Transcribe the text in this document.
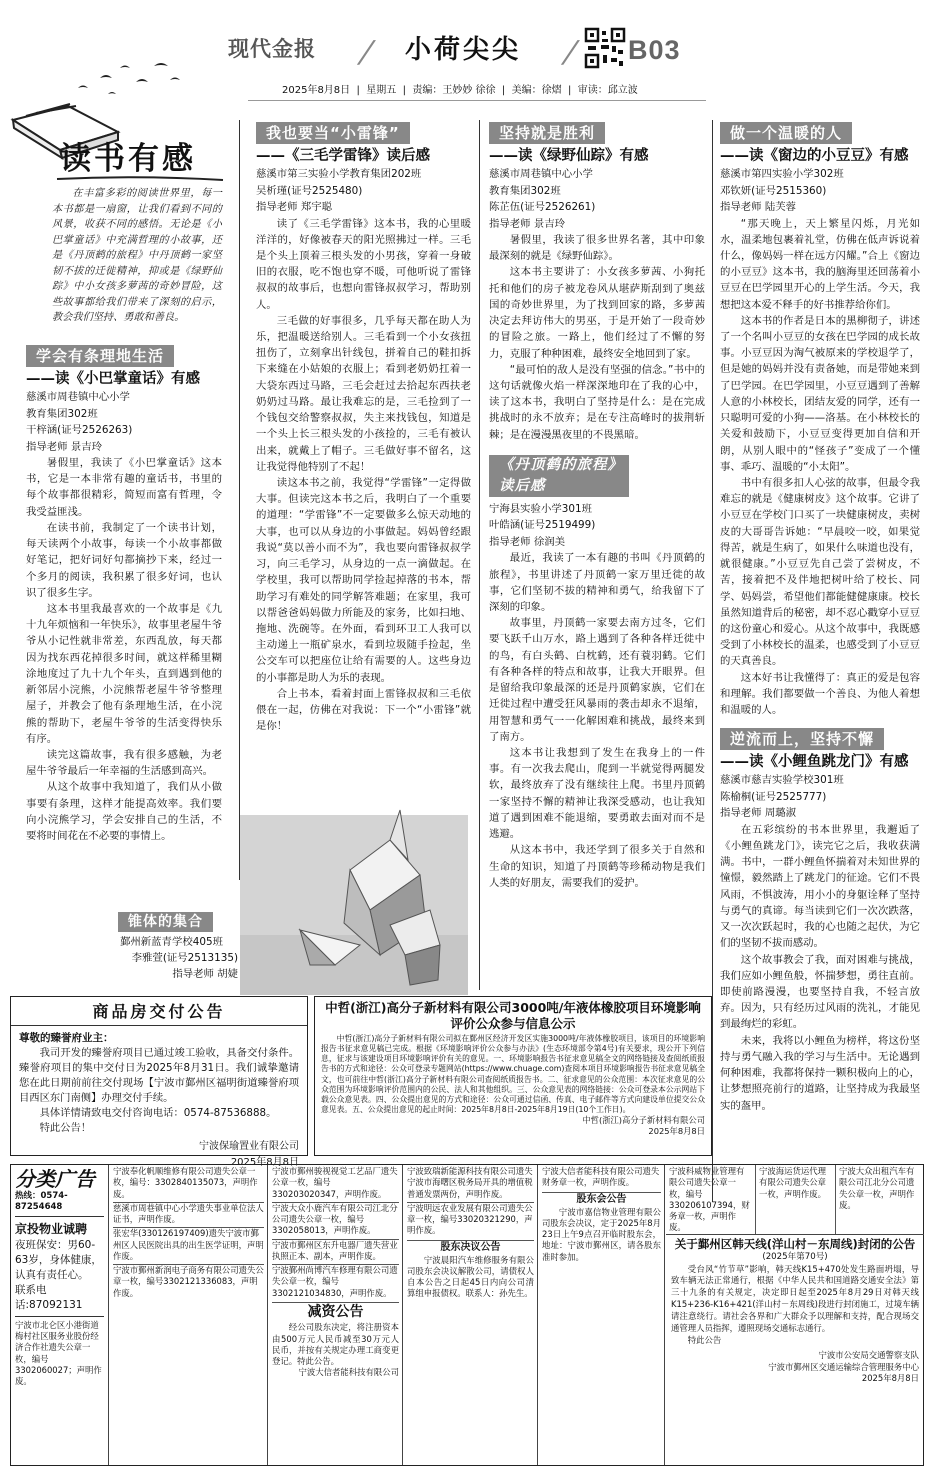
现代金报 / 小荷尖尖 / B03
2025年8月8日  |  星期五  |  责编：王妙妙 徐徐  |  美编：徐熠  |  审读：邱立波
读书有感
在丰富多彩的阅读世界里，每一本书都是一扇窗，让我们看到不同的风景，收获不同的感悟。无论是《小巴掌童话》中充满哲理的小故事，还是《丹顶鹤的旅程》中丹顶鹤一家坚韧不拔的迁徙精神，抑或是《绿野仙踪》中小女孩多萝茜的奇妙冒险，这些故事都给我们带来了深刻的启示，教会我们坚持、勇敢和善良。
学会有条理地生活
——读《小巴掌童话》有感
慈溪市周巷镇中心小学
教育集团302班
干梓涵(证号2526263)
指导老师 景吉玲
暑假里，我读了《小巴掌童话》这本书，它是一本非常有趣的童话书，书里的每个故事都很精彩，简短而富有哲理，令我受益匪浅。
在读书前，我制定了一个读书计划，每天读两个小故事，每读一个小故事都做好笔记，把好词好句都摘抄下来，经过一个多月的阅读，我积累了很多好词，也认识了很多生字。
这本书里我最喜欢的一个故事是《九十九年烦恼和一年快乐》，故事里老屋牛爷爷从小记性就非常差，东西乱放，每天都因为找东西花掉很多时间，就这样稀里糊涂地度过了九十九个年头，直到遇到他的新邻居小浣熊，小浣熊帮老屋牛爷爷整理屋子，并教会了他有条理地生活，在小浣熊的帮助下，老屋牛爷爷的生活变得快乐有序。
读完这篇故事，我有很多感触，为老屋牛爷爷最后一年幸福的生活感到高兴。
从这个故事中我知道了，我们从小做事要有条理，这样才能提高效率。我们要向小浣熊学习，学会安排自己的生活，不要将时间花在不必要的事情上。
我也要当“小雷锋”
——《三毛学雷锋》读后感
慈溪市第三实验小学教育集团202班
吴析瑾(证号2525480)
指导老师 郑宇聪
读了《三毛学雷锋》这本书，我的心里暖洋洋的，好像被春天的阳光照拂过一样。三毛是个头上顶着三根头发的小男孩，穿着一身破旧的衣服，吃不饱也穿不暖，可他听说了雷锋叔叔的故事后，也想向雷锋叔叔学习，帮助别人。
三毛做的好事很多，几乎每天都在助人为乐，把温暖送给别人。三毛看到一个小女孩扭扭伤了，立刻拿出针线包，拼着自己的鞋扣拆下来缝在小姑娘的衣服上；看到老奶奶扛着一大袋东西过马路，三毛会赶过去拾起东西扶老奶奶过马路。最让我难忘的是，三毛捡到了一个钱包交给警察叔叔，失主来找钱包，知道是一个头上长三根头发的小孩捡的，三毛有被认出来，就戴上了帽子。三毛做好事不留名，这让我觉得他特别了不起！
读这本书之前，我觉得“学雷锋”一定得做大事。但读完这本书之后，我明白了一个重要的道理：“学雷锋”不一定要做多么惊天动地的大事，也可以从身边的小事做起。妈妈曾经跟我说“莫以善小而不为”，我也要向雷锋叔叔学习，向三毛学习，从身边的一点一滴做起。在学校里，我可以帮助同学捡起掉落的书本，帮助学习有难处的同学解答难题；在家里，我可以帮爸爸妈妈做力所能及的家务，比如扫地、拖地、洗碗等。在外面，看到环卫工人我可以主动递上一瓶矿泉水，看到垃圾随手捡起，坐公交车可以把座位让给有需要的人。这些身边的小事都是助人为乐的表现。
合上书本，看着封面上雷锋叔叔和三毛依偎在一起，仿佛在对我说：下一个“小雷锋”就是你！
锥体的集合
鄞州新蓝青学校405班
李雅萱(证号2513135)
指导老师 胡婕
坚持就是胜利
——读《绿野仙踪》有感
慈溪市周巷镇中心小学
教育集团302班
陈芷伍(证号2526261)
指导老师 景吉玲
暑假里，我读了很多世界名著，其中印象最深刻的就是《绿野仙踪》。
这本书主要讲了：小女孩多萝茜、小狗托托和他们的房子被龙卷风从堪萨斯刮到了奥兹国的奇妙世界里，为了找到回家的路，多萝茜决定去拜访伟大的男巫，于是开始了一段奇妙的冒险之旅。一路上，他们经过了不懈的努力，克服了种种困难，最终安全地回到了家。
“最可怕的敌人是没有坚强的信念。”书中的这句话就像火焰一样深深地印在了我的心中，读了这本书，我明白了坚持是什么：是在完成挑战时的永不放弃；是在专注高峰时的拔荆斩棘；是在漫漫黑夜里的不畏黑暗。
《丹顶鹤的旅程》读后感
宁海县实验小学301班
叶皓涵(证号2519499)
指导老师 徐润美
最近，我读了一本有趣的书叫《丹顶鹤的旅程》，书里讲述了丹顶鹤一家万里迁徙的故事，它们坚韧不拔的精神和勇气，给我留下了深刻的印象。
故事里，丹顶鹤一家要去南方过冬，它们要飞跃千山万水，路上遇到了各种各样迁徙中的鸟，有白头鹤、白枕鹤，还有蓑羽鹤。它们有各种各样的特点和故事，让我大开眼界。但是留给我印象最深的还是丹顶鹤家族，它们在迁徙过程中遭受狂风暴雨的袭击却永不退缩，用智慧和勇气一一化解困难和挑战，最终来到了南方。
这本书让我想到了发生在我身上的一件事。有一次我去爬山，爬到一半就觉得两腿发软，最终放弃了没有继续往上爬。书里丹顶鹤一家坚持不懈的精神让我深受感动，也让我知道了遇到困难不能退缩，要勇敢去面对而不是逃避。
从这本书中，我还学到了很多关于自然和生命的知识，知道了丹顶鹤等珍稀动物是我们人类的好朋友，需要我们的爱护。
做一个温暖的人
——读《窗边的小豆豆》有感
慈溪市第四实验小学302班
邓钦妍(证号2515360)
指导老师 陆芙蓉
“那天晚上，天上繁星闪烁，月光如水，温柔地包裹着礼堂，仿佛在低声诉说着什么，像妈妈一样在远方闪耀。”合上《窗边的小豆豆》这本书，我的脑海里还回荡着小豆豆在巴学园里开心的上学生活。今天，我想把这本爱不释手的好书推荐给你们。
这本书的作者是日本的黑柳彻子，讲述了一个名叫小豆豆的女孩在巴学园的成长故事。小豆豆因为淘气被原来的学校退学了，但是她的妈妈并没有责备她，而是带她来到了巴学园。在巴学园里，小豆豆遇到了善解人意的小林校长，团结友爱的同学，还有一只聪明可爱的小狗——洛基。在小林校长的关爱和鼓励下，小豆豆变得更加自信和开朗，从别人眼中的“怪孩子”变成了一个懂事、乖巧、温暖的“小太阳”。
书中有很多扣人心弦的故事，但最令我难忘的就是《健康树皮》这个故事。它讲了小豆豆在学校门口买了一块健康树皮，卖树皮的大哥哥告诉她：“早晨咬一咬，如果觉得苦，就是生病了，如果什么味道也没有，就很健康。”小豆豆先自己尝了尝树皮，不苦，接着把不及伴地把树叶给了校长、同学、妈妈尝，希望他们都能健健康康。校长虽然知道背后的秘密，却不忍心戳穿小豆豆的这份童心和爱心。从这个故事中，我既感受到了小林校长的温柔，也感受到了小豆豆的天真善良。
这本好书让我懂得了：真正的爱是包容和理解。我们都要做一个善良、为他人着想和温暖的人。
逆流而上，坚持不懈
——读《小鲤鱼跳龙门》有感
慈溪市慈吉实验学校301班
陈榆桐(证号2525777)
指导老师 周璐淑
在五彩缤纷的书本世界里，我邂逅了《小鲤鱼跳龙门》，读完它之后，我收获满满。书中，一群小鲤鱼怀揣着对未知世界的憧憬，毅然踏上了跳龙门的征途。它们不畏风雨，不惧波涛，用小小的身躯诠释了坚持与勇气的真谛。每当读到它们一次次跌落，又一次次跃起时，我的心也随之起伏，为它们的坚韧不拔而感动。
这个故事教会了我，面对困难与挑战，我们应如小鲤鱼般，怀揣梦想，勇往直前。即使前路漫漫，也要坚持自我，不轻言放弃。因为，只有经历过风雨的洗礼，才能见到最绚烂的彩虹。
未来，我将以小鲤鱼为榜样，将这份坚持与勇气融入我的学习与生活中。无论遇到何种困难，我都将保持一颗积极向上的心，让梦想照亮前行的道路，让坚持成为我最坚实的盔甲。
商品房交付公告
尊敬的臻誉府业主：
我司开发的臻誉府项目已通过竣工验收，具备交付条件。臻誉府项目的集中交付日为2025年8月31日。我们诚挚邀请您在此日期前前往交付现场【宁波市鄞州区福明街道臻誉府项目西区东门南侧】办理交付手续。
具体详情请致电交付咨询电话：0574-87536888。
特此公告！
宁波保瑜置业有限公司
2025年8月8日
中哲(浙江)高分子新材料有限公司3000吨/年液体橡胶项目环境影响评价公众参与信息公示
中哲(浙江)高分子新材料有限公司拟在鄞州区经济开发区实施3000吨/年液体橡胶项目，该项目的环境影响报告书征求意见稿已完成。根据《环境影响评价公众参与办法》(生态环境部令第4号)有关要求，现公开下列信息，征求与该建设项目环境影响评价有关的意见。一、环境影响报告书征求意见稿全文的网络链接及查阅纸质报告书的方式和途径：公众可登录专题网站(https://www.chuage.com)查阅本项目环境影响报告书征求意见稿全文，也可前往中哲(浙江)高分子新材料有限公司查阅纸质报告书。二、征求意见的公众范围：本次征求意见的公众范围为环境影响评价范围内的公民、法人和其他组织。三、公众意见表的网络链接：公众可登录本公示网站下载公众意见表。四、公众提出意见的方式和途径：公众可通过信函、传真、电子邮件等方式向建设单位提交公众意见表。五、公众提出意见的起止时间：2025年8月8日-2025年8月19日(10个工作日)。
中哲(浙江)高分子新材料有限公司
2025年8月8日
分类广告
热线：0574-87254648
京投物业诚聘
夜班保安：男60-63岁，身体健康，认真有责任心。
联系电话:87092131
宁波市北仑区小港街道梅村社区服务业股份经济合作社遗失公章一枚，编号3302060027；声明作废。
宁波奉化帆顺维修有限公司遗失公章一枚，编号：3302840135073，声明作废。
慈溪市周巷镇中心小学遗失事业单位法人证书，声明作废。
张宏华(330126197409)遗失宁波市鄞州区人民医院出具的出生医学证明，声明作废。
宁波市鄞州新润电子商务有限公司遗失公章一枚，编号3302121336083，声明作废。
宁波市鄞州骏视视觉工艺品厂遗失公章一枚，编号330203020347，声明作废。
宁波大众小鹿汽车有限公司江北分公司遗失公章一枚，编号3302058013，声明作废。
宁波市鄞州区东升电器厂遗失营业执照正本、副本，声明作废。
宁波鄞州尚博汽车修理有限公司遗失公章一枚，编号3302121034830，声明作废。
减资公告
经公司股东决定，将注册资本由500万元人民币减至30万元人民币，并按有关规定办理工商变更登记。特此公告。
宁波大信者能科技有限公司
宁波致瑞新能源科技有限公司遗失宁波市海曙区税务局开具的增值税普通发票两份，声明作废。
宁波明远农业发展有限公司遗失公章一枚，编号33020321290，声明作废。
股东决议公告
宁波晨阳汽车维修服务有限公司股东会决议解散公司，请债权人自本公告之日起45日内向公司清算组申报债权。联系人：孙先生。
宁波大信者能科技有限公司遗失财务章一枚，声明作废。
股东会公告
宁波市嘉信物业管理有限公司股东会决议，定于2025年8月23日上午9点召开临时股东会，地址：宁波市鄞州区，请各股东准时参加。
宁波科威物业管理有限公司遗失公章一枚，编号330206107394，财务章一枚，声明作废。
宁波海运货运代理有限公司遗失公章一枚，声明作废。
宁波大众出租汽车有限公司江北分公司遗失公章一枚，声明作废。
关于鄞州区韩天线(洋山村－东周线)封闭的公告
(2025年第70号)
受台风“竹节草”影响，韩天线K15+470处发生路面坍塌，导致车辆无法正常通行，根据《中华人民共和国道路交通安全法》第三十九条的有关规定，决定即日起至2025年8月29日对韩天线K15+236-K16+421(洋山村－东周线)段进行封闭施工，过境车辆请注意绕行。请社会各界和广大群众予以理解和支持，配合现场交通管理人员指挥，遵照现场交通标志通行。
特此公告
宁波市公安局交通警察支队
宁波市鄞州区交通运输综合管理服务中心
2025年8月8日
